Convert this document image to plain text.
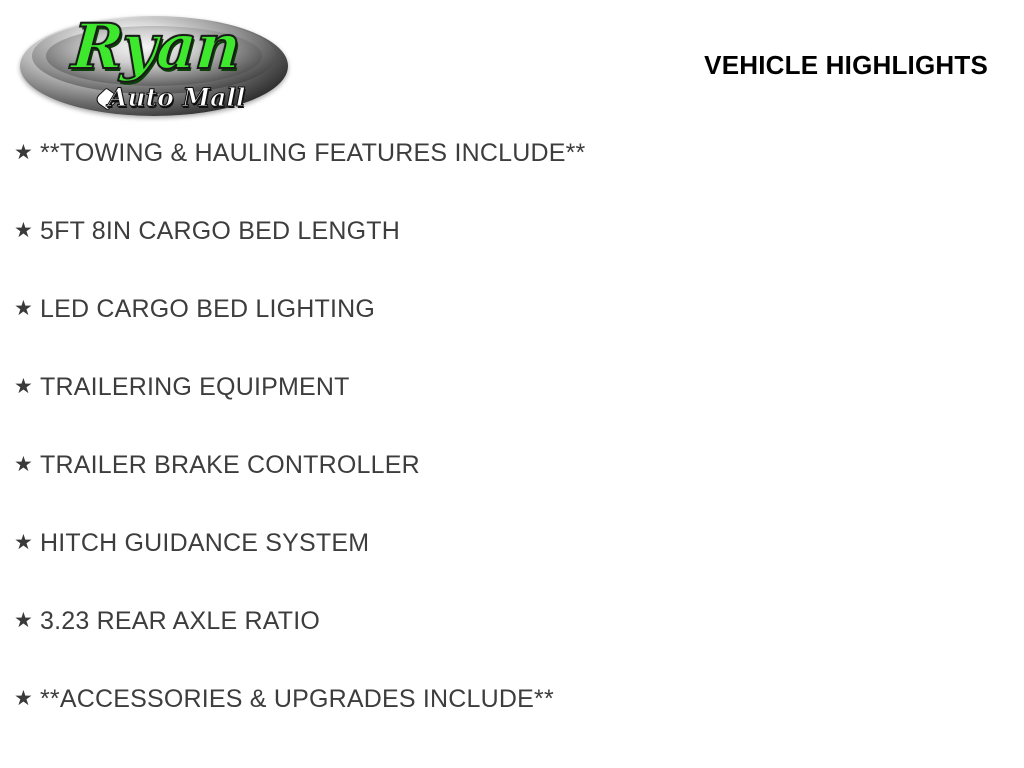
Ryan
Auto Mall
VEHICLE HIGHLIGHTS
★ **TOWING & HAULING FEATURES INCLUDE**
★ 5FT 8IN CARGO BED LENGTH
★ LED CARGO BED LIGHTING
★ TRAILERING EQUIPMENT
★ TRAILER BRAKE CONTROLLER
★ HITCH GUIDANCE SYSTEM
★ 3.23 REAR AXLE RATIO
★ **ACCESSORIES & UPGRADES INCLUDE**
